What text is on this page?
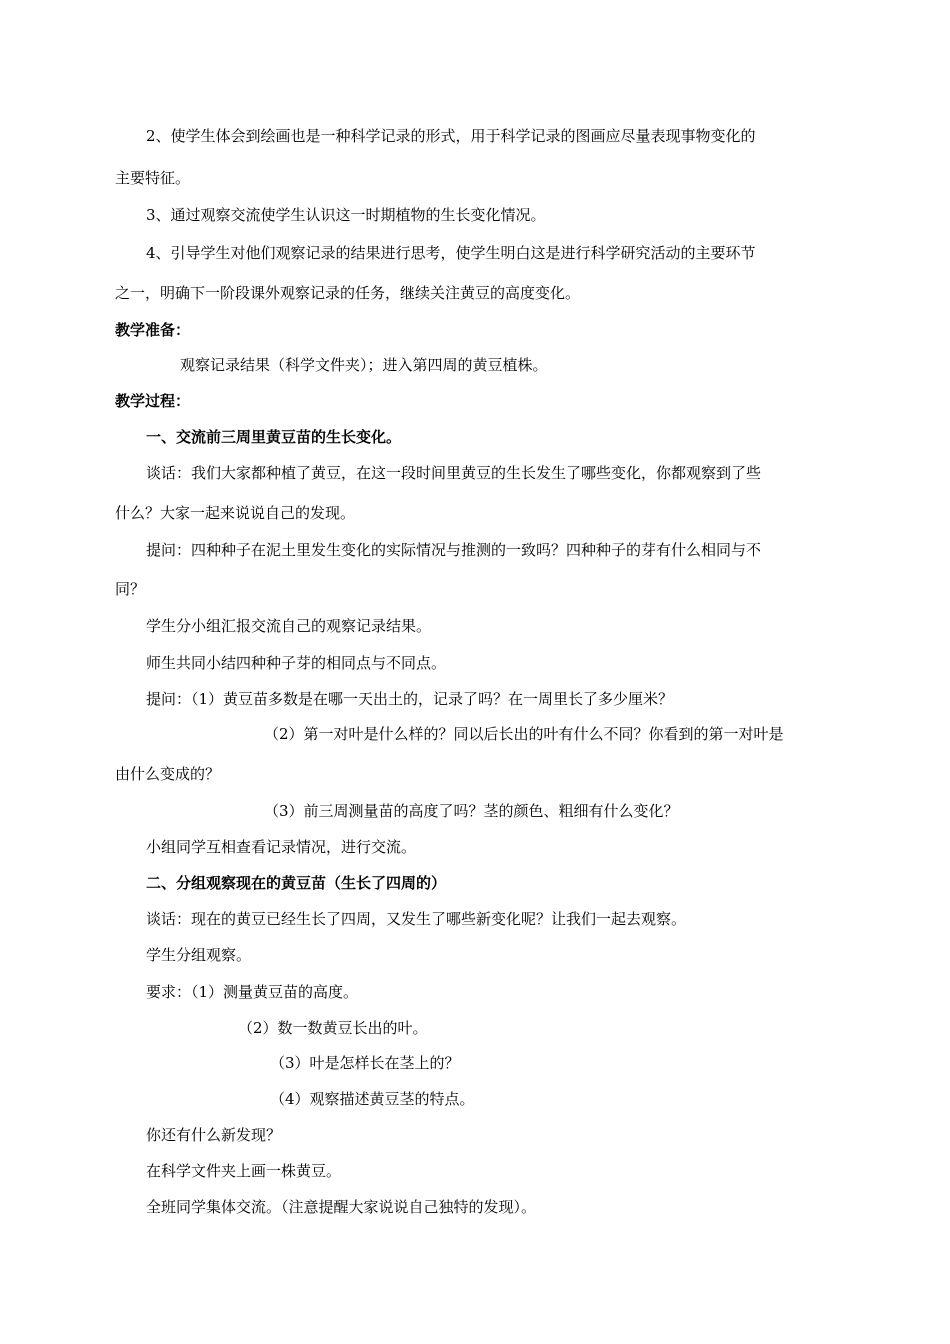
2、使学生体会到绘画也是一种科学记录的形式，用于科学记录的图画应尽量表现事物变化的
主要特征。
3、通过观察交流使学生认识这一时期植物的生长变化情况。
4、引导学生对他们观察记录的结果进行思考，使学生明白这是进行科学研究活动的主要环节
之一，明确下一阶段课外观察记录的任务，继续关注黄豆的高度变化。
教学准备：
观察记录结果（科学文件夹）；进入第四周的黄豆植株。
教学过程：
一、交流前三周里黄豆苗的生长变化。
谈话：我们大家都种植了黄豆，在这一段时间里黄豆的生长发生了哪些变化，你都观察到了些
什么？大家一起来说说自己的发现。
提问：四种种子在泥土里发生变化的实际情况与推测的一致吗？四种种子的芽有什么相同与不
同？
学生分小组汇报交流自己的观察记录结果。
师生共同小结四种种子芽的相同点与不同点。
提问：（1）黄豆苗多数是在哪一天出土的，记录了吗？在一周里长了多少厘米？
（2）第一对叶是什么样的？同以后长出的叶有什么不同？你看到的第一对叶是
由什么变成的？
（3）前三周测量苗的高度了吗？茎的颜色、粗细有什么变化？
小组同学互相查看记录情况，进行交流。
二、分组观察现在的黄豆苗（生长了四周的）
谈话：现在的黄豆已经生长了四周，又发生了哪些新变化呢？让我们一起去观察。
学生分组观察。
要求：（1）测量黄豆苗的高度。
（2）数一数黄豆长出的叶。
（3）叶是怎样长在茎上的？
（4）观察描述黄豆茎的特点。
你还有什么新发现？
在科学文件夹上画一株黄豆。
全班同学集体交流。（注意提醒大家说说自己独特的发现）。
